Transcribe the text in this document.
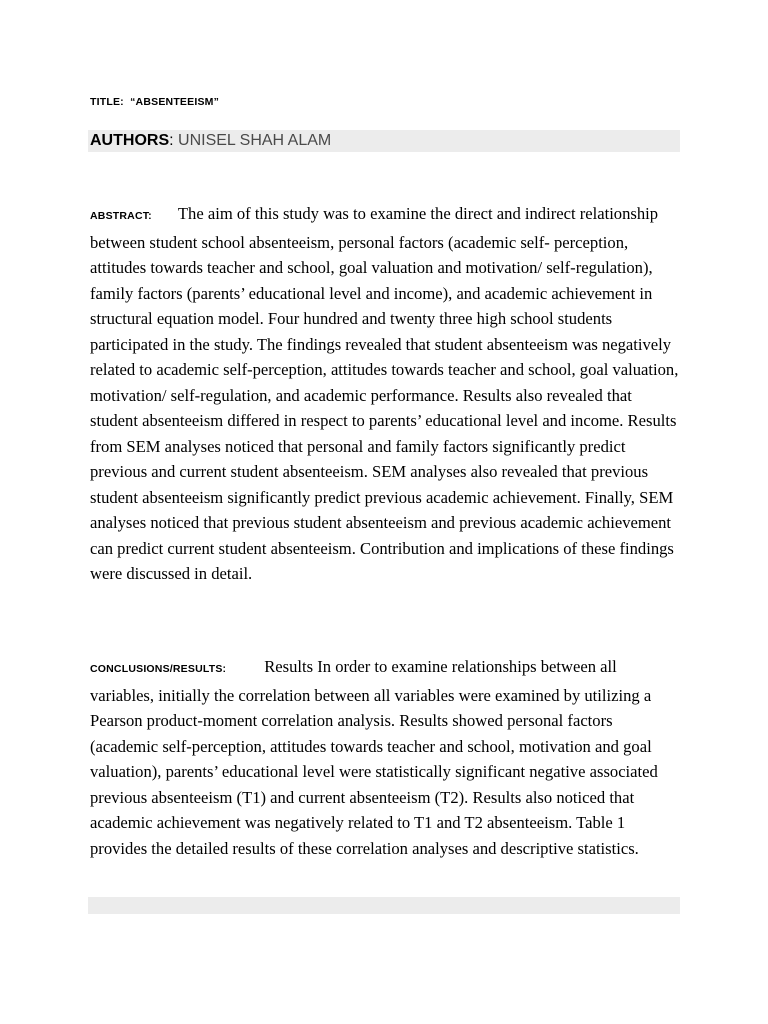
TITLE: “ABSENTEEISM”
AUTHORS: UNISEL SHAH ALAM

ABSTRACT: The aim of this study was to examine the direct and indirect relationship between student school absenteeism, personal factors (academic self- perception, attitudes towards teacher and school, goal valuation and motivation/ self-regulation), family factors (parents’ educational level and income), and academic achievement in structural equation model. Four hundred and twenty three high school students participated in the study. The findings revealed that student absenteeism was negatively related to academic self-perception, attitudes towards teacher and school, goal valuation, motivation/ self-regulation, and academic performance. Results also revealed that student absenteeism differed in respect to parents’ educational level and income. Results from SEM analyses noticed that personal and family factors significantly predict previous and current student absenteeism. SEM analyses also revealed that previous student absenteeism significantly predict previous academic achievement. Finally, SEM analyses noticed that previous student absenteeism and previous academic achievement can predict current student absenteeism. Contribution and implications of these findings were discussed in detail.

CONCLUSIONS/RESULTS: Results In order to examine relationships between all variables, initially the correlation between all variables were examined by utilizing a Pearson product-moment correlation analysis. Results showed personal factors (academic self-perception, attitudes towards teacher and school, motivation and goal valuation), parents’ educational level were statistically significant negative associated previous absenteeism (T1) and current absenteeism (T2). Results also noticed that academic achievement was negatively related to T1 and T2 absenteeism. Table 1 provides the detailed results of these correlation analyses and descriptive statistics.
